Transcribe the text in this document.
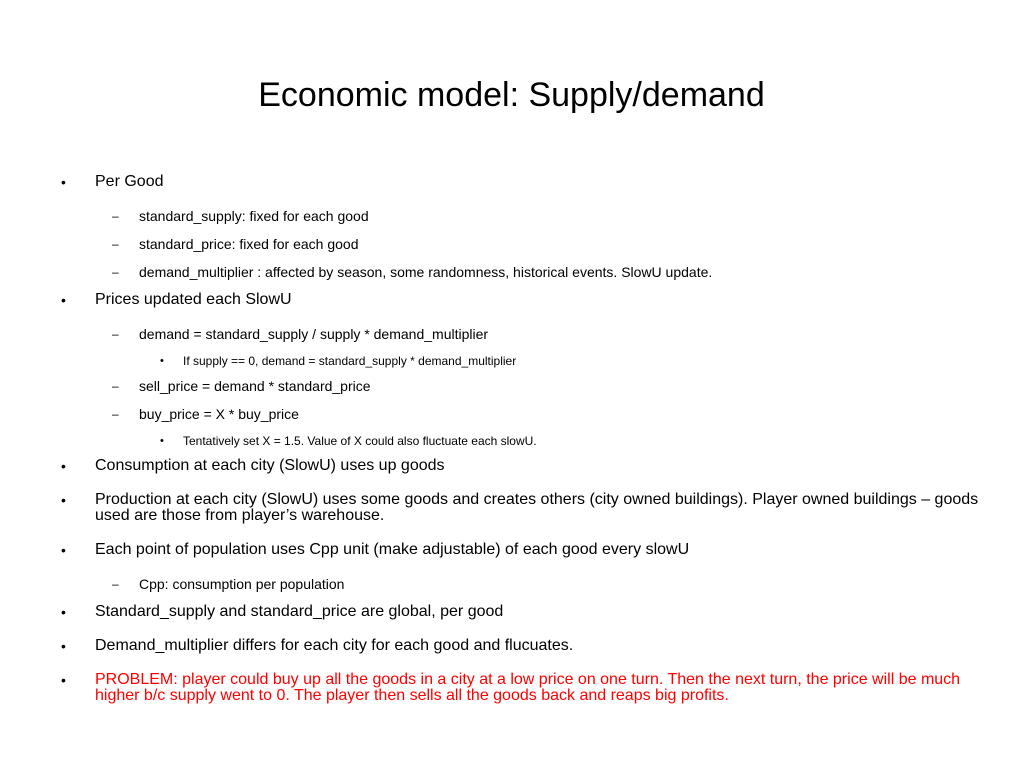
Economic model: Supply/demand
• Per Good
– standard_supply: fixed for each good
– standard_price: fixed for each good
– demand_multiplier : affected by season, some randomness, historical events. SlowU update.
• Prices updated each SlowU
– demand = standard_supply / supply * demand_multiplier
• If supply == 0, demand = standard_supply * demand_multiplier
– sell_price = demand * standard_price
– buy_price = X * buy_price
• Tentatively set X = 1.5. Value of X could also fluctuate each slowU.
• Consumption at each city (SlowU) uses up goods
• Production at each city (SlowU) uses some goods and creates others (city owned buildings). Player owned buildings – goods used are those from player’s warehouse.
• Each point of population uses Cpp unit (make adjustable) of each good every slowU
– Cpp: consumption per population
• Standard_supply and standard_price are global, per good
• Demand_multiplier differs for each city for each good and flucuates.
• PROBLEM: player could buy up all the goods in a city at a low price on one turn. Then the next turn, the price will be much higher b/c supply went to 0. The player then sells all the goods back and reaps big profits.
